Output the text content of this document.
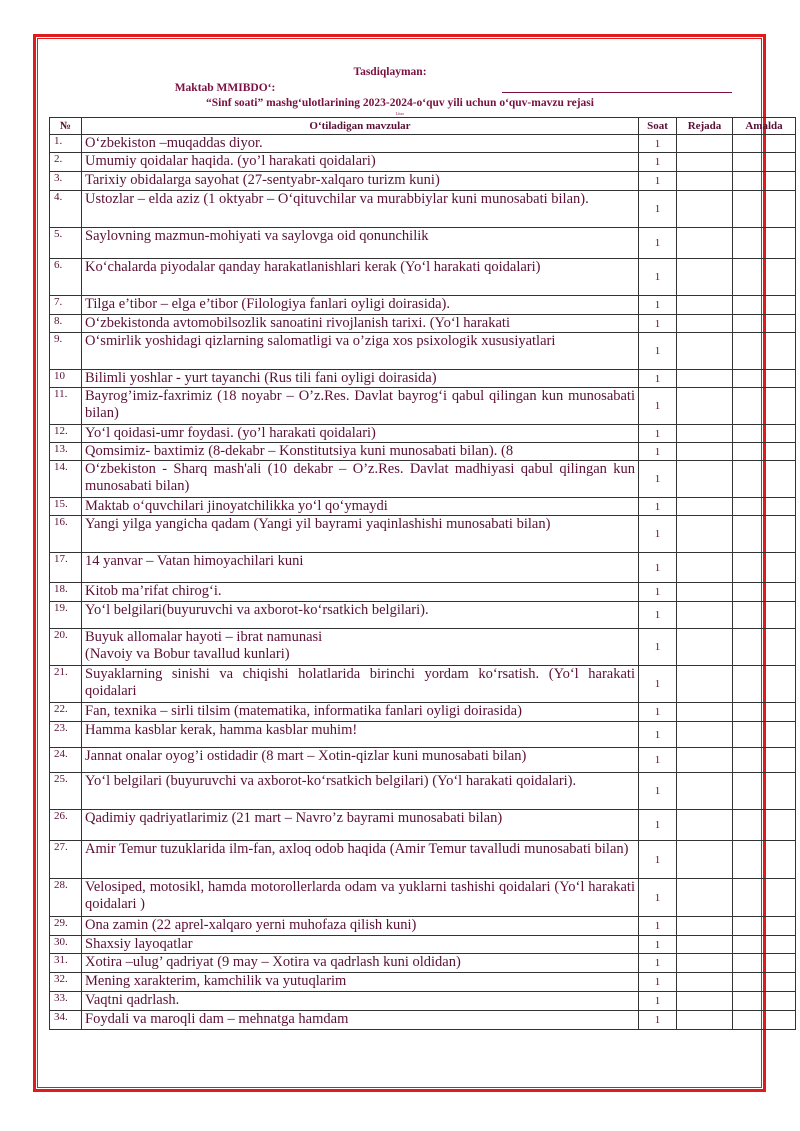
Tasdiqlayman:
Maktab MMIBDO‘:
“Sinf soati” mashg‘ulotlarining 2023-2024-o‘quv yili uchun o‘quv-mavzu rejasi
Litzo
№	O‘tiladigan mavzular	Soat	Rejada	Amalda
1.	O‘zbekiston –muqaddas diyor.	1		
2.	Umumiy qoidalar haqida. (yo’l harakati qoidalari)	1		
3.	Tarixiy obidalarga sayohat (27-sentyabr-xalqaro turizm kuni)	1		
4.	Ustozlar – elda aziz (1 oktyabr – O‘qituvchilar va murabbiylar kuni munosabati bilan).	1		
5.	Saylovning mazmun-mohiyati va saylovga oid qonunchilik	1		
6.	Ko‘chalarda piyodalar qanday harakatlanishlari kerak (Yo‘l harakati qoidalari)	1		
7.	Tilga e’tibor – elga e’tibor (Filologiya fanlari oyligi doirasida).	1		
8.	O‘zbekistonda avtomobilsozlik sanoatini rivojlanish tarixi. (Yo‘l harakati	1		
9.	O‘smirlik yoshidagi qizlarning salomatligi va o’ziga xos psixologik xususiyatlari	1		
10	Bilimli yoshlar - yurt tayanchi (Rus tili fani oyligi doirasida)	1		
11.	Bayrog’imiz-faxrimiz (18 noyabr – O’z.Res. Davlat bayrog‘i qabul qilingan kun munosabati bilan)	1		
12.	Yo‘l qoidasi-umr foydasi. (yo’l harakati qoidalari)	1		
13.	Qomsimiz- baxtimiz (8-dekabr – Konstitutsiya kuni munosabati bilan). (8	1		
14.	O‘zbekiston - Sharq mash'ali (10 dekabr – O’z.Res. Davlat madhiyasi qabul qilingan kun munosabati bilan)	1		
15.	Maktab o‘quvchilari jinoyatchilikka yo‘l qo‘ymaydi	1		
16.	Yangi yilga yangicha qadam (Yangi yil bayrami yaqinlashishi munosabati bilan)	1		
17.	14 yanvar – Vatan himoyachilari kuni	1		
18.	Kitob ma’rifat chirog‘i.	1		
19.	Yo‘l belgilari(buyuruvchi va axborot-ko‘rsatkich belgilari).	1		
20.	Buyuk allomalar hayoti – ibrat namunasi
(Navoiy va Bobur tavallud kunlari)	1		
21.	Suyaklarning sinishi va chiqishi holatlarida birinchi yordam ko‘rsatish. (Yo‘l harakati qoidalari	1		
22.	Fan, texnika – sirli tilsim (matematika, informatika fanlari oyligi doirasida)	1		
23.	Hamma kasblar kerak, hamma kasblar muhim!	1		
24.	Jannat onalar oyog’i ostidadir (8 mart – Xotin-qizlar kuni munosabati bilan)	1		
25.	Yo‘l belgilari (buyuruvchi va axborot-ko‘rsatkich belgilari) (Yo‘l harakati qoidalari).	1		
26.	Qadimiy qadriyatlarimiz (21 mart – Navro’z bayrami munosabati bilan)	1		
27.	Amir Temur tuzuklarida ilm-fan, axloq odob haqida (Amir Temur tavalludi munosabati bilan)	1		
28.	Velosiped, motosikl, hamda motorollerlarda odam va yuklarni tashishi qoidalari (Yo‘l harakati qoidalari )	1		
29.	Ona zamin (22 aprel-xalqaro yerni muhofaza qilish kuni)	1		
30.	Shaxsiy layoqatlar	1		
31.	Xotira –ulug’ qadriyat (9 may – Xotira va qadrlash kuni oldidan)	1		
32.	Mening xarakterim, kamchilik va yutuqlarim	1		
33.	Vaqtni qadrlash.	1		
34.	Foydali va maroqli dam – mehnatga hamdam	1		
